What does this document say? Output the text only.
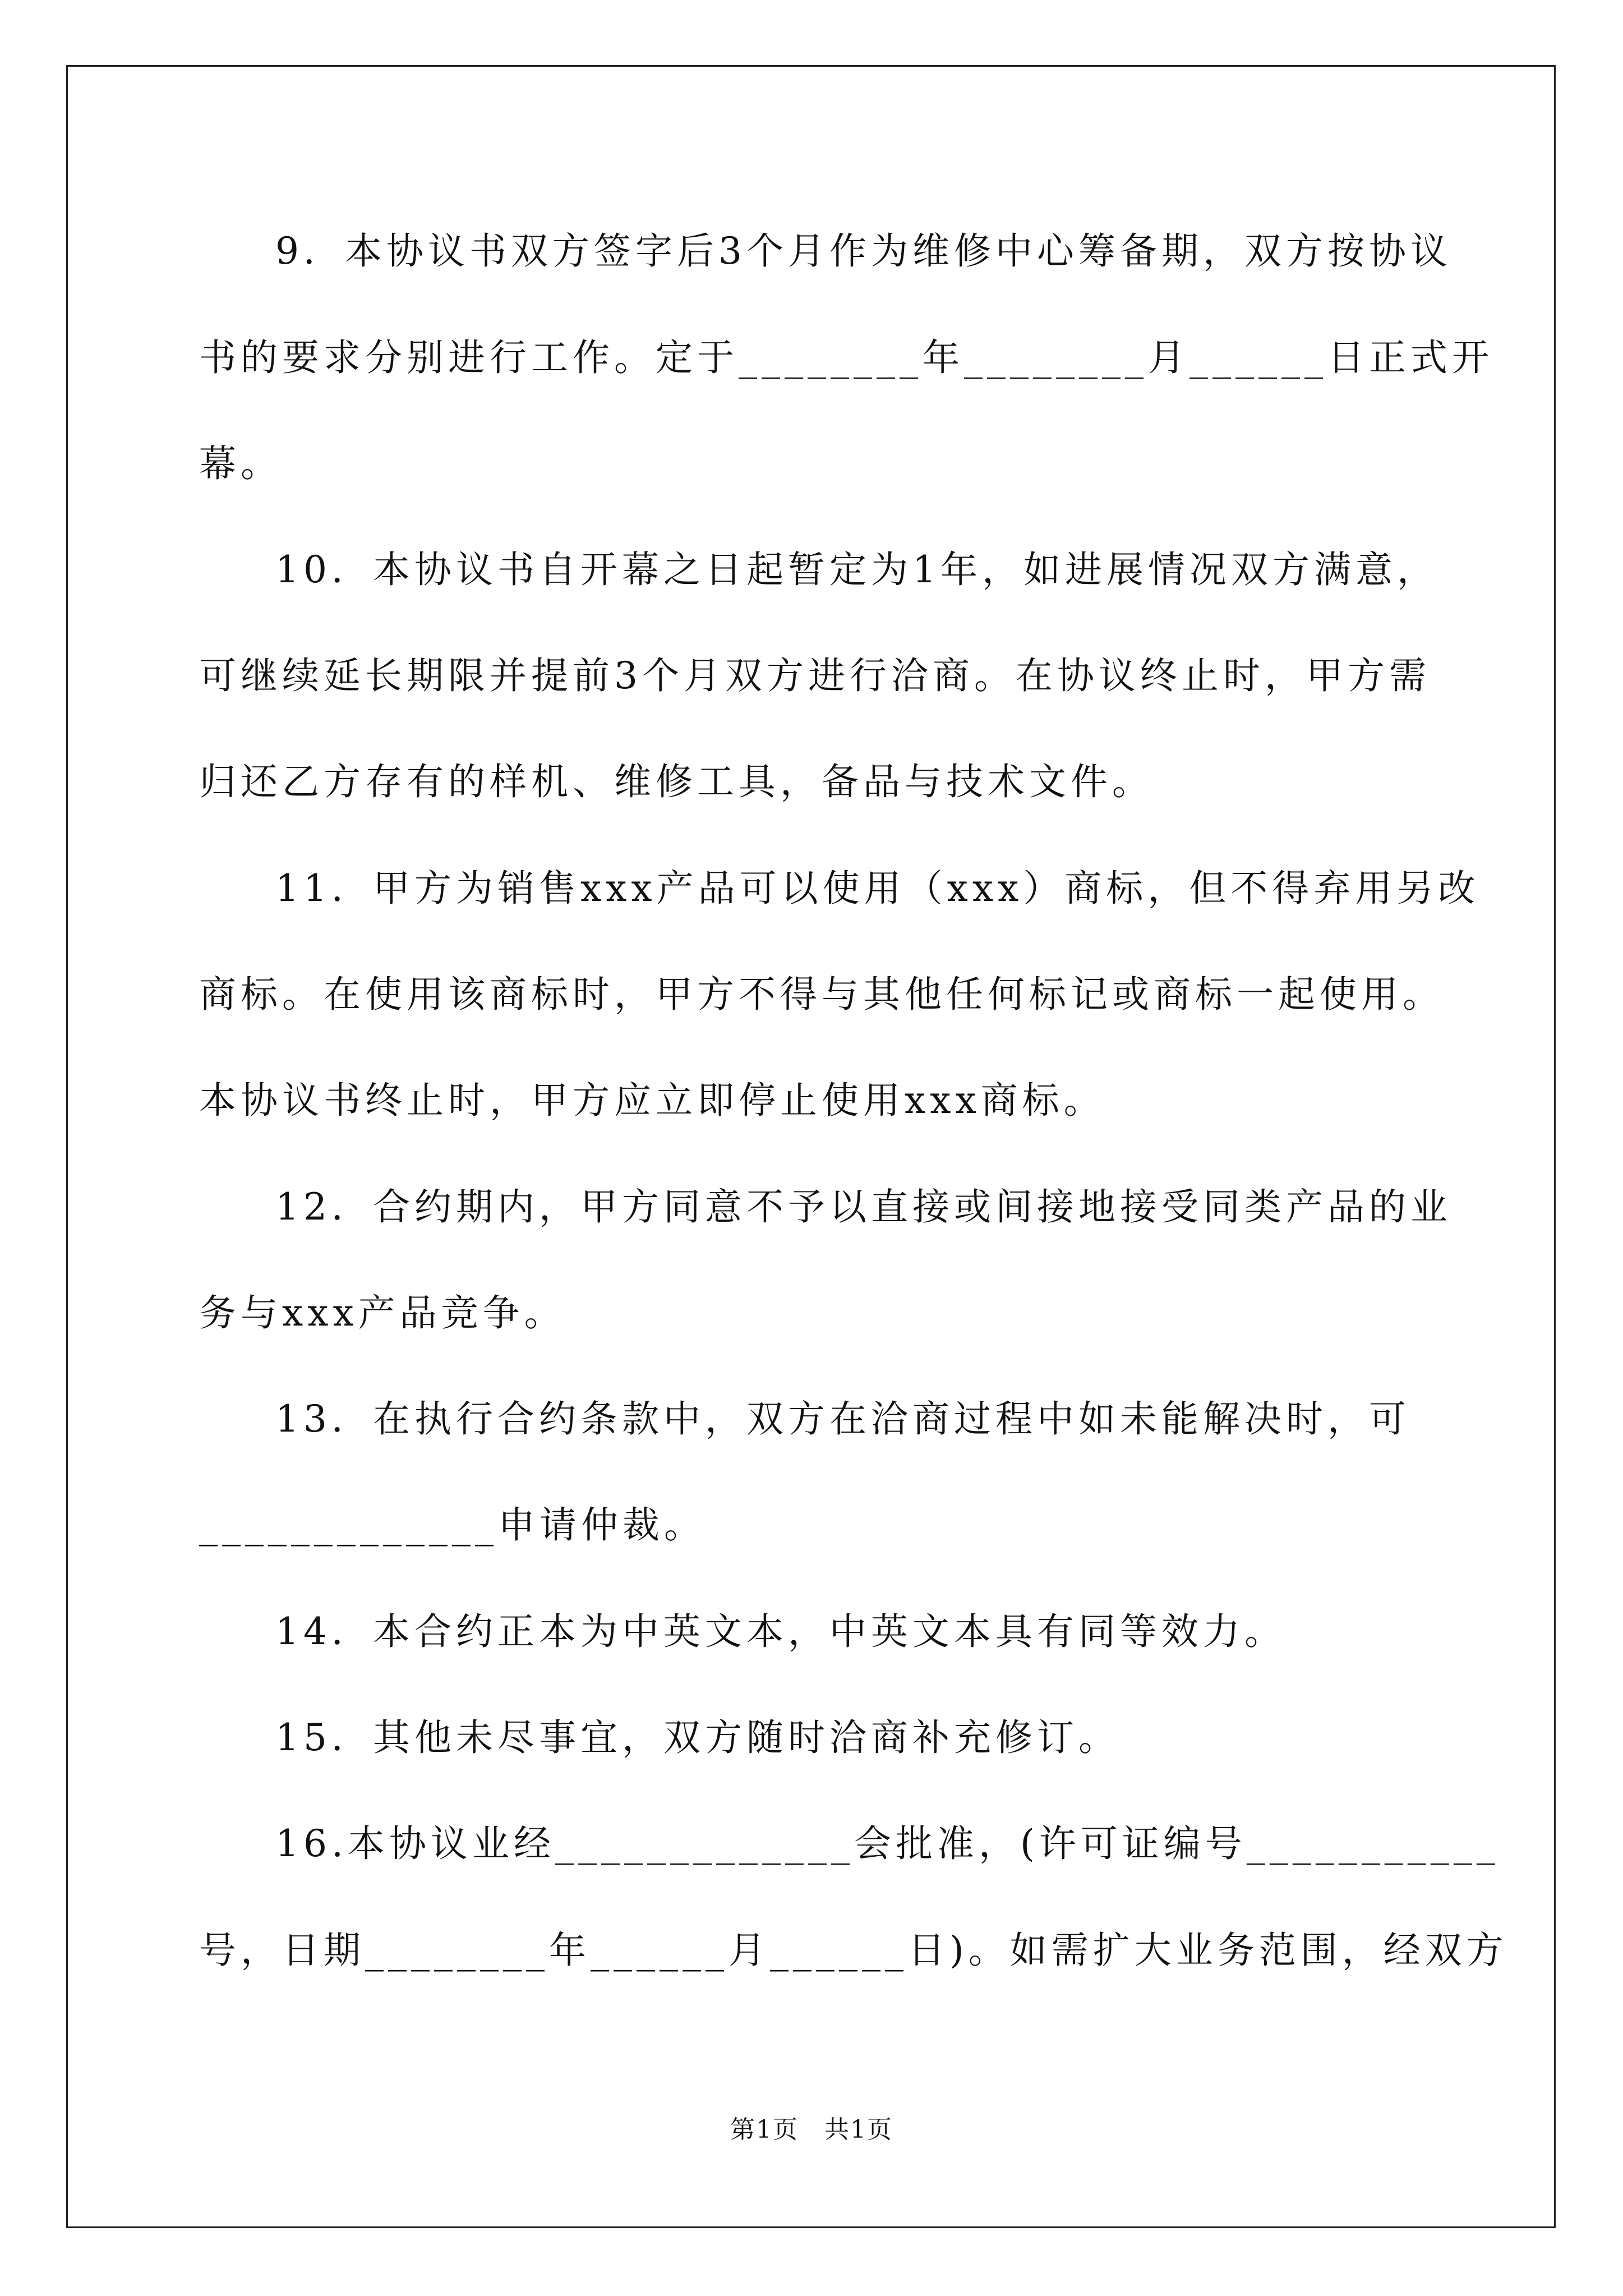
9．本协议书双方签字后3个月作为维修中心筹备期，双方按协议
书的要求分别进行工作。定于________年________月______日正式开
幕。
10．本协议书自开幕之日起暂定为1年，如进展情况双方满意，
可继续延长期限并提前3个月双方进行洽商。在协议终止时，甲方需
归还乙方存有的样机、维修工具，备品与技术文件。
11．甲方为销售xxx产品可以使用（xxx）商标，但不得弃用另改
商标。在使用该商标时，甲方不得与其他任何标记或商标一起使用。
本协议书终止时，甲方应立即停止使用xxx商标。
12．合约期内，甲方同意不予以直接或间接地接受同类产品的业
务与xxx产品竞争。
13．在执行合约条款中，双方在洽商过程中如未能解决时，可
_____________申请仲裁。
14．本合约正本为中英文本，中英文本具有同等效力。
15．其他未尽事宜，双方随时洽商补充修订。
16.本协议业经_____________会批准，(许可证编号___________
号，日期________年______月______日)。如需扩大业务范围，经双方
第1页　共1页
